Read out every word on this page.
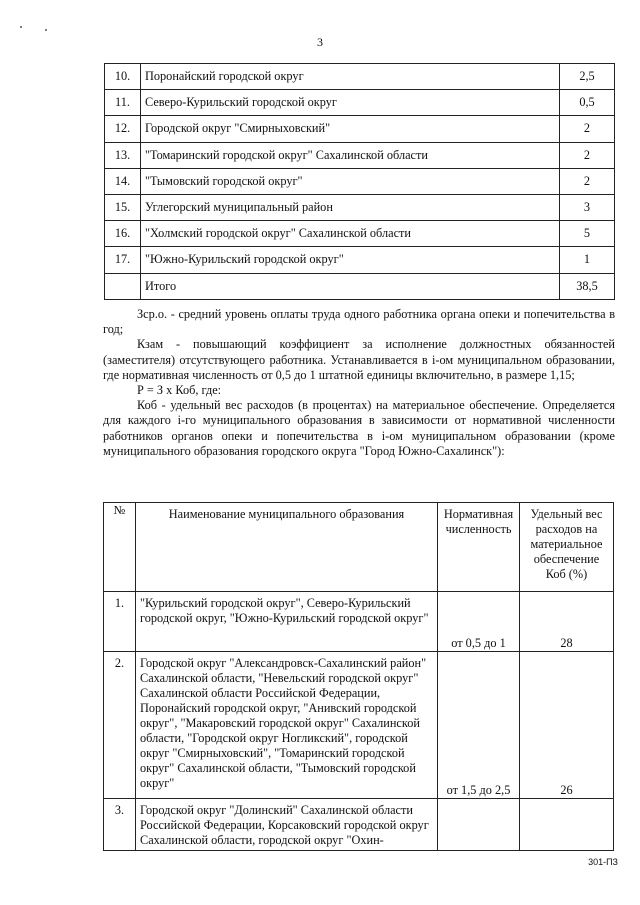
3
10.	Поронайский городской округ	2,5
11.	Северо-Курильский городской округ	0,5
12.	Городской округ "Смирныховский"	2
13.	"Томаринский городской округ" Сахалинской области	2
14.	"Тымовский городской округ"	2
15.	Углегорский муниципальный район	3
16.	"Холмский городской округ" Сахалинской области	5
17.	"Южно-Курильский городской округ"	1
	Итого	38,5

Зср.о. - средний уровень оплаты труда одного работника органа опеки и попечительства в год;

Кзам - повышающий коэффициент за исполнение должностных обязанностей (заместителя) отсутствующего работника. Устанавливается в i-ом муниципальном образовании, где нормативная численность от 0,5 до 1 штатной единицы включительно, в размере 1,15;

Р = З x Коб, где:

Коб - удельный вес расходов (в процентах) на материальное обеспечение. Определяется для каждого i-го муниципального образования в зависимости от нормативной численности работников органов опеки и попечительства в i-ом муниципальном образовании (кроме муниципального образования городского округа "Город Южно-Сахалинск"):

№	Наименование муниципального образования	Нормативная численность	Удельный вес расходов на материальное обеспечение Коб (%)
1.	"Курильский городской округ", Северо-Курильский городской округ, "Южно-Курильский городской округ"	от 0,5 до 1	28
2.	Городской округ "Александровск-Сахалинский район" Сахалинской области, "Невельский городской округ" Сахалинской области Российской Федерации, Поронайский городской округ, "Анивский городской округ", "Макаровский городской округ" Сахалинской области, "Городской округ Ногликский", городской округ "Смирныховский", "Томаринский городской округ" Сахалинской области, "Тымовский городской округ"	от 1,5 до 2,5	26
3.	Городской округ "Долинский" Сахалинской области Российской Федерации, Корсаковский городской округ Сахалинской области, городской округ "Охин-		
301-ПЗ
